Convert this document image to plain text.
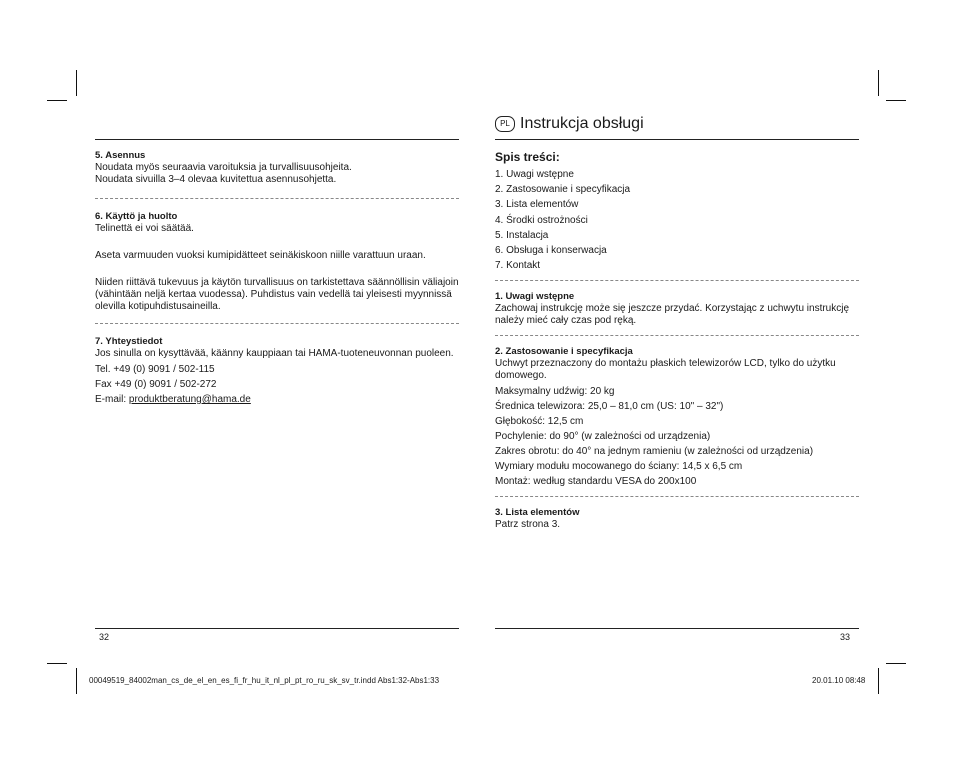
PL Instrukcja obsługi
5. Asennus

Noudata myös seuraavia varoituksia ja turvallisuusohjeita.

Noudata sivuilla 3–4 olevaa kuvitettua asennusohjetta.

6. Käyttö ja huolto

Telinettä ei voi säätää.

Aseta varmuuden vuoksi kumipidätteet seinäkiskoon niille varattuun uraan.

Niiden riittävä tukevuus ja käytön turvallisuus on tarkistettava säännöllisin väliajoin (vähintään neljä kertaa vuodessa). Puhdistus vain vedellä tai yleisesti myynnissä olevilla kotipuhdistusaineilla.

7. Yhteystiedot

Jos sinulla on kysyttävää, käänny kauppiaan tai HAMA-tuoteneuvonnan puoleen.

Tel. +49 (0) 9091 / 502-115
Fax +49 (0) 9091 / 502-272
E-mail: produktberatung@hama.de
Spis treści:
1. Uwagi wstępne
2. Zastosowanie i specyfikacja
3. Lista elementów
4. Środki ostrożności
5. Instalacja
6. Obsługa i konserwacja
7. Kontakt
1. Uwagi wstępne

Zachowaj instrukcję może się jeszcze przydać. Korzystając z uchwytu instrukcję należy mieć cały czas pod ręką.

2. Zastosowanie i specyfikacja

Uchwyt przeznaczony do montażu płaskich telewizorów LCD, tylko do użytku domowego.

Maksymalny udźwig: 20 kg
Średnica telewizora: 25,0 – 81,0 cm (US: 10" – 32")
Głębokość: 12,5 cm
Pochylenie: do 90° (w zależności od urządzenia)
Zakres obrotu: do 40° na jednym ramieniu (w zależności od urządzenia)
Wymiary modułu mocowanego do ściany: 14,5 x 6,5 cm
Montaż: według standardu VESA do 200x100
3. Lista elementów

Patrz strona 3.

32	33
00049519_84002man_cs_de_el_en_es_fi_fr_hu_it_nl_pl_pt_ro_ru_sk_sv_tr.indd Abs1:32-Abs1:33	20.01.10 08:48
